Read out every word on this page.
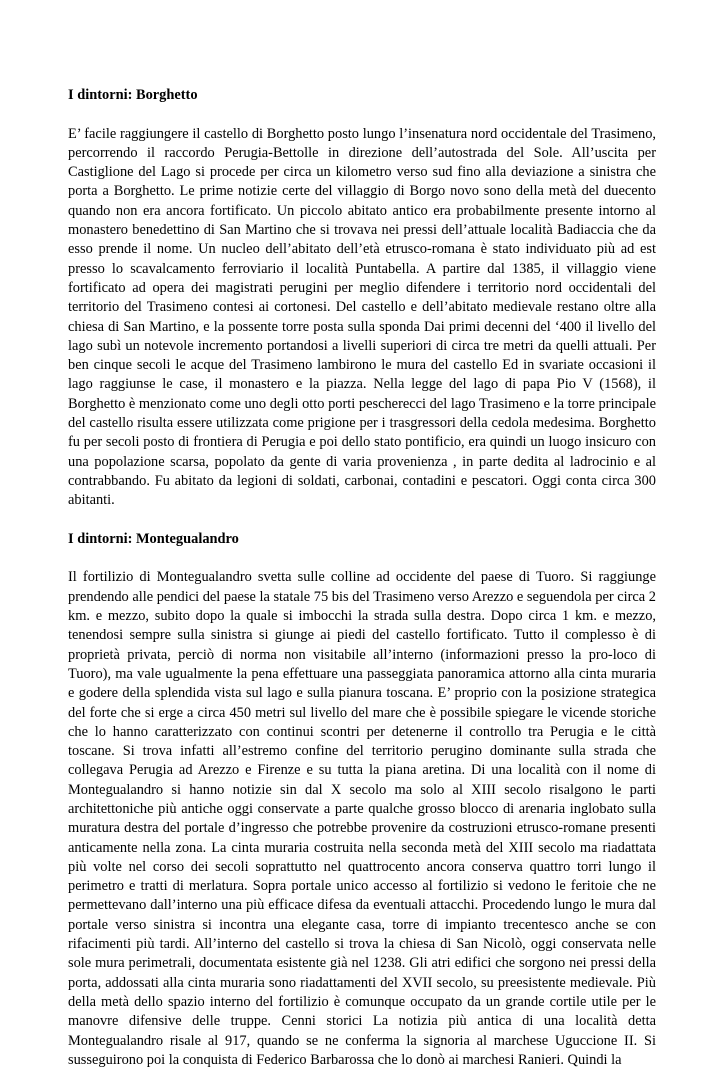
I dintorni: Borghetto

E’ facile raggiungere il castello di Borghetto posto lungo l’insenatura nord occidentale del Trasimeno, percorrendo il raccordo Perugia-Bettolle in direzione dell’autostrada del Sole. All’uscita per Castiglione del Lago si procede per circa un kilometro verso sud fino alla deviazione a sinistra che porta a Borghetto. Le prime notizie certe del villaggio di Borgo novo sono della metà del duecento quando non era ancora fortificato. Un piccolo abitato antico era probabilmente presente intorno al monastero benedettino di San Martino che si trovava nei pressi dell’attuale località Badiaccia che da esso prende il nome. Un nucleo dell’abitato dell’età etrusco-romana è stato individuato più ad est presso lo scavalcamento ferroviario il località Puntabella. A partire dal 1385, il villaggio viene fortificato ad opera dei magistrati perugini per meglio difendere i territorio nord occidentali del territorio del Trasimeno contesi ai cortonesi. Del castello e dell’abitato medievale restano oltre alla chiesa di San Martino, e la possente torre posta sulla sponda Dai primi decenni del ‘400 il livello del lago subì un notevole incremento portandosi a livelli superiori di circa tre metri da quelli attuali. Per ben cinque secoli le acque del Trasimeno lambirono le mura del castello Ed in svariate occasioni il lago raggiunse le case, il monastero e la piazza. Nella legge del lago di papa Pio V (1568), il Borghetto è menzionato come uno degli otto porti pescherecci del lago Trasimeno e la torre principale del castello risulta essere utilizzata come prigione per i trasgressori della cedola medesima. Borghetto fu per secoli posto di frontiera di Perugia e poi dello stato pontificio, era quindi un luogo insicuro con una popolazione scarsa, popolato da gente di varia provenienza , in parte dedita al ladrocinio e al contrabbando. Fu abitato da legioni di soldati, carbonai, contadini e pescatori. Oggi conta circa 300 abitanti.

I dintorni: Montegualandro

Il fortilizio di Montegualandro svetta sulle colline ad occidente del paese di Tuoro. Si raggiunge prendendo alle pendici del paese la statale 75 bis del Trasimeno verso Arezzo e seguendola per circa 2 km. e mezzo, subito dopo la quale si imbocchi la strada sulla destra. Dopo circa 1 km. e mezzo, tenendosi sempre sulla sinistra si giunge ai piedi del castello fortificato. Tutto il complesso è di proprietà privata, perciò di norma non visitabile all’interno (informazioni presso la pro-loco di Tuoro), ma vale ugualmente la pena effettuare una passeggiata panoramica attorno alla cinta muraria e godere della splendida vista sul lago e sulla pianura toscana. E’ proprio con la posizione strategica del forte che si erge a circa 450 metri sul livello del mare che è possibile spiegare le vicende storiche che lo hanno caratterizzato con continui scontri per detenerne il controllo tra Perugia e le città toscane. Si trova infatti all’estremo confine del territorio perugino dominante sulla strada che collegava Perugia ad Arezzo e Firenze e su tutta la piana aretina. Di una località con il nome di Montegualandro si hanno notizie sin dal X secolo ma solo al XIII secolo risalgono le parti architettoniche più antiche oggi conservate a parte qualche grosso blocco di arenaria inglobato sulla muratura destra del portale d’ingresso che potrebbe provenire da costruzioni etrusco-romane presenti anticamente nella zona. La cinta muraria costruita nella seconda metà del XIII secolo ma riadattata più volte nel corso dei secoli soprattutto nel quattrocento ancora conserva quattro torri lungo il perimetro e tratti di merlatura. Sopra portale unico accesso al fortilizio si vedono le feritoie che ne permettevano dall’interno una più efficace difesa da eventuali attacchi. Procedendo lungo le mura dal portale verso sinistra si incontra una elegante casa, torre di impianto trecentesco anche se con rifacimenti più tardi. All’interno del castello si trova la chiesa di San Nicolò, oggi conservata nelle sole mura perimetrali, documentata esistente già nel 1238. Gli atri edifici che sorgono nei pressi della porta, addossati alla cinta muraria sono riadattamenti del XVII secolo, su preesistente medievale. Più della metà dello spazio interno del fortilizio è comunque occupato da un grande cortile utile per le manovre difensive delle truppe. Cenni storici La notizia più antica di una località detta Montegualandro risale al 917, quando se ne conferma la signoria al marchese Uguccione II. Si susseguirono poi la conquista di Federico Barbarossa che lo donò ai marchesi Ranieri. Quindi la
